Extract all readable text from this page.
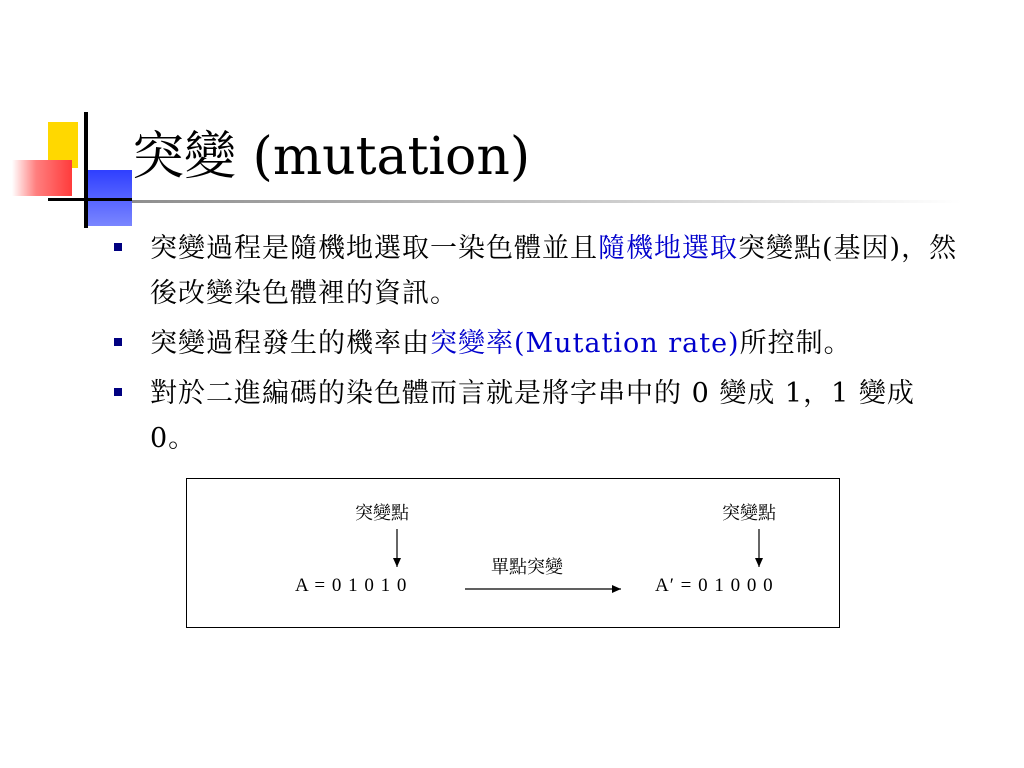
突變 (mutation)
突變過程是隨機地選取一染色體並且隨機地選取突變點(基因)，然後改變染色體裡的資訊。
突變過程發生的機率由突變率(Mutation rate)所控制。
對於二進編碼的染色體而言就是將字串中的 0 變成 1，1 變成 0。
突變點	突變點
單點突變
A = 0 1 0 1 0	A′ = 0 1 0 0 0
